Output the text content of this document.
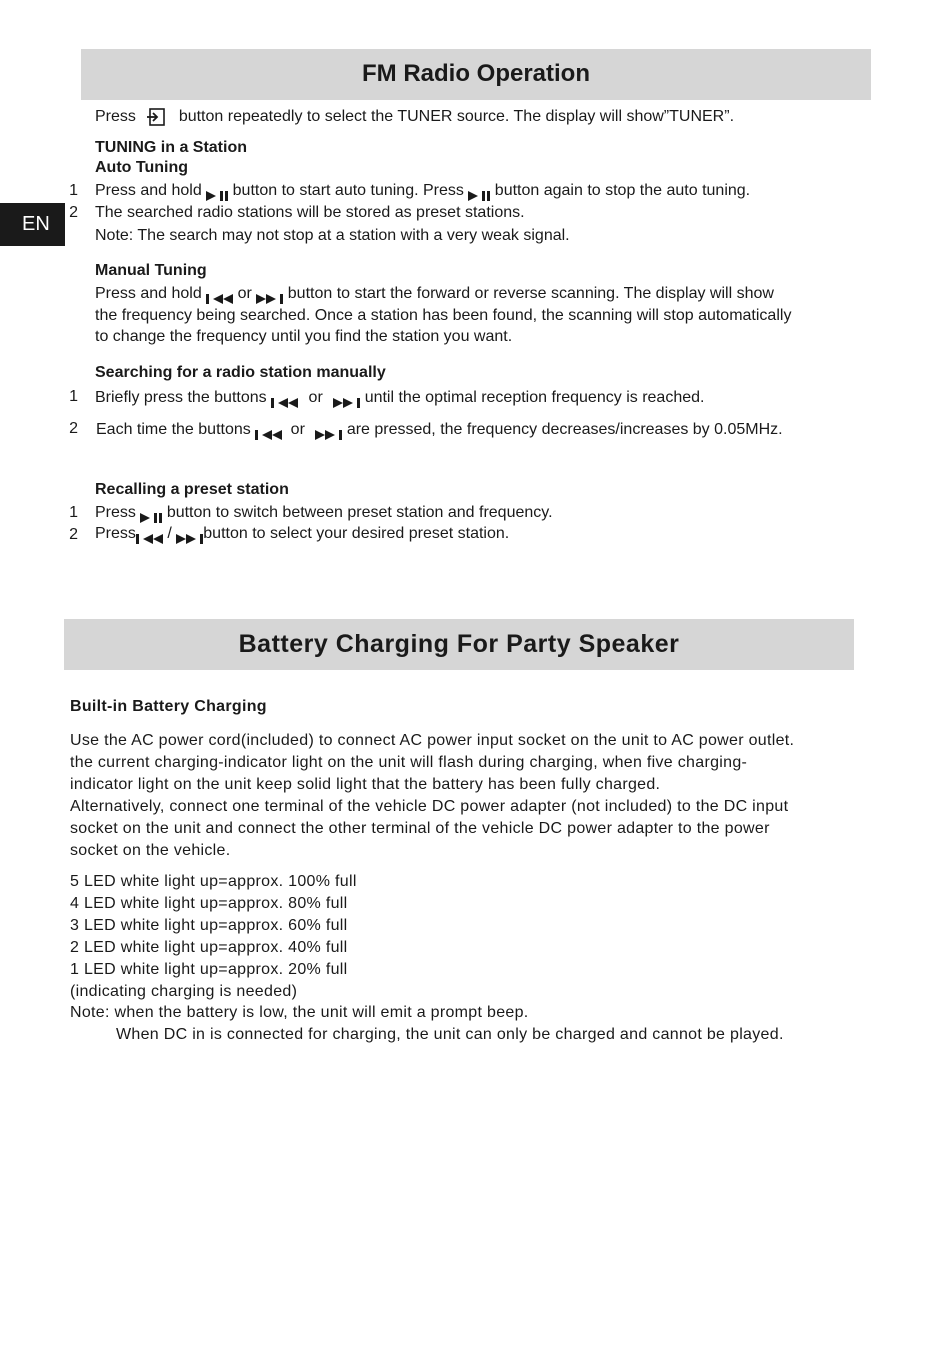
EN
FM Radio Operation
Press	button repeatedly to select the TUNER source. The display will show”TUNER”.
TUNING in a Station
Auto Tuning
1 Press and hold button to start auto tuning. Press button again to stop the auto tuning.
2 The searched radio stations will be stored as preset stations.
Note: The search may not stop at a station with a very weak signal.
Manual Tuning
Press and hold or button to start the forward or reverse scanning. The display will show
the frequency being searched. Once a station has been found, the scanning will stop automatically
to change the frequency until you find the station you want.
Searching for a radio station manually
1 Briefly press the buttons	or	until the optimal reception frequency is reached.
2 Each time the buttons or	are pressed, the frequency decreases/increases by 0.05MHz.
Recalling a preset station
1 Press button to switch between preset station and frequency.
2 Press / button to select your desired preset station.
Battery Charging For Party Speaker
Built-in Battery Charging
Use the AC power cord(included) to connect AC power input socket on the unit to AC power outlet.
the current charging-indicator light on the unit will flash during charging, when five charging-
indicator light on the unit keep solid light that the battery has been fully charged.
Alternatively, connect one terminal of the vehicle DC power adapter (not included) to the DC input
socket on the unit and connect the other terminal of the vehicle DC power adapter to the power
socket on the vehicle.
5 LED white light up=approx. 100% full
4 LED white light up=approx. 80% full
3 LED white light up=approx. 60% full
2 LED white light up=approx. 40% full
1 LED white light up=approx. 20% full
(indicating charging is needed)
Note: when the battery is low, the unit will emit a prompt beep.
When DC in is connected for charging, the unit can only be charged and cannot be played.
